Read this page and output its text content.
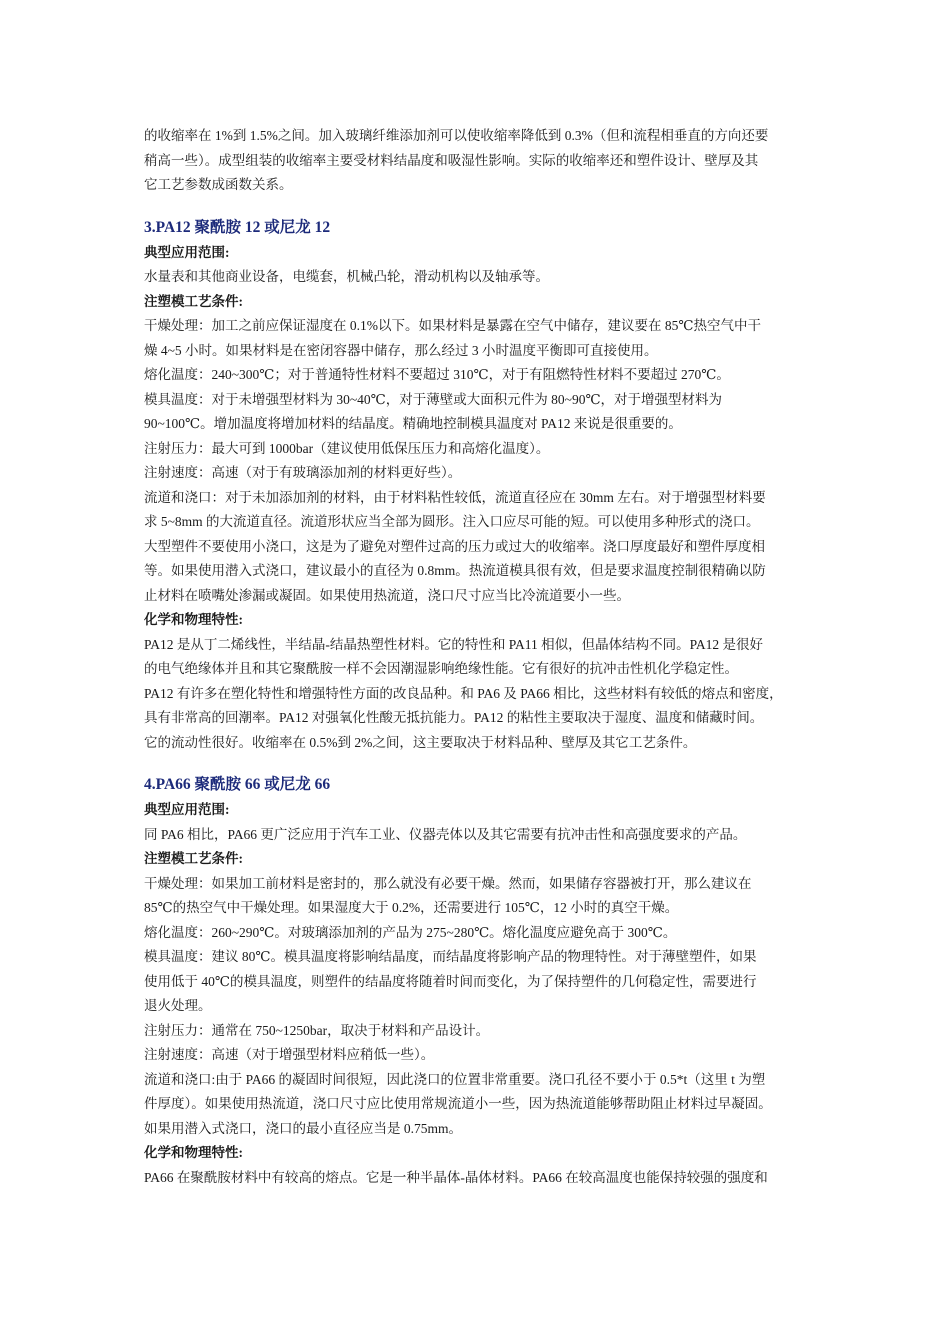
的收缩率在 1%到 1.5%之间。加入玻璃纤维添加剂可以使收缩率降低到 0.3%（但和流程相垂直的方向还要
稍高一些）。成型组装的收缩率主要受材料结晶度和吸湿性影响。实际的收缩率还和塑件设计、壁厚及其
它工艺参数成函数关系。
3.PA12 聚酰胺 12 或尼龙 12
典型应用范围:
水量表和其他商业设备，电缆套，机械凸轮，滑动机构以及轴承等。
注塑模工艺条件:
干燥处理：加工之前应保证湿度在 0.1%以下。如果材料是暴露在空气中储存，建议要在 85℃热空气中干
燥 4~5 小时。如果材料是在密闭容器中储存，那么经过 3 小时温度平衡即可直接使用。
熔化温度：240~300℃；对于普通特性材料不要超过 310℃，对于有阻燃特性材料不要超过 270℃。
模具温度：对于未增强型材料为 30~40℃，对于薄壁或大面积元件为 80~90℃，对于增强型材料为
90~100℃。增加温度将增加材料的结晶度。精确地控制模具温度对 PA12 来说是很重要的。
注射压力：最大可到 1000bar（建议使用低保压压力和高熔化温度）。
注射速度：高速（对于有玻璃添加剂的材料更好些）。
流道和浇口：对于未加添加剂的材料，由于材料粘性较低，流道直径应在 30mm 左右。对于增强型材料要
求 5~8mm 的大流道直径。流道形状应当全部为圆形。注入口应尽可能的短。可以使用多种形式的浇口。
大型塑件不要使用小浇口，这是为了避免对塑件过高的压力或过大的收缩率。浇口厚度最好和塑件厚度相
等。如果使用潜入式浇口，建议最小的直径为 0.8mm。热流道模具很有效，但是要求温度控制很精确以防
止材料在喷嘴处渗漏或凝固。如果使用热流道，浇口尺寸应当比冷流道要小一些。
化学和物理特性:
PA12 是从丁二烯线性，半结晶-结晶热塑性材料。它的特性和 PA11 相似，但晶体结构不同。PA12 是很好
的电气绝缘体并且和其它聚酰胺一样不会因潮湿影响绝缘性能。它有很好的抗冲击性机化学稳定性。
PA12 有许多在塑化特性和增强特性方面的改良品种。和 PA6 及 PA66 相比，这些材料有较低的熔点和密度，
具有非常高的回潮率。PA12 对强氧化性酸无抵抗能力。PA12 的粘性主要取决于湿度、温度和储藏时间。
它的流动性很好。收缩率在 0.5%到 2%之间，这主要取决于材料品种、壁厚及其它工艺条件。
4.PA66 聚酰胺 66 或尼龙 66
典型应用范围:
同 PA6 相比，PA66 更广泛应用于汽车工业、仪器壳体以及其它需要有抗冲击性和高强度要求的产品。
注塑模工艺条件:
干燥处理：如果加工前材料是密封的，那么就没有必要干燥。然而，如果储存容器被打开，那么建议在
85℃的热空气中干燥处理。如果湿度大于 0.2%，还需要进行 105℃，12 小时的真空干燥。
熔化温度：260~290℃。对玻璃添加剂的产品为 275~280℃。熔化温度应避免高于 300℃。
模具温度：建议 80℃。模具温度将影响结晶度，而结晶度将影响产品的物理特性。对于薄壁塑件，如果
使用低于 40℃的模具温度，则塑件的结晶度将随着时间而变化，为了保持塑件的几何稳定性，需要进行
退火处理。
注射压力：通常在 750~1250bar，取决于材料和产品设计。
注射速度：高速（对于增强型材料应稍低一些）。
流道和浇口:由于 PA66 的凝固时间很短，因此浇口的位置非常重要。浇口孔径不要小于 0.5*t（这里 t 为塑
件厚度）。如果使用热流道，浇口尺寸应比使用常规流道小一些，因为热流道能够帮助阻止材料过早凝固。
如果用潜入式浇口，浇口的最小直径应当是 0.75mm。
化学和物理特性:
PA66 在聚酰胺材料中有较高的熔点。它是一种半晶体-晶体材料。PA66 在较高温度也能保持较强的强度和
